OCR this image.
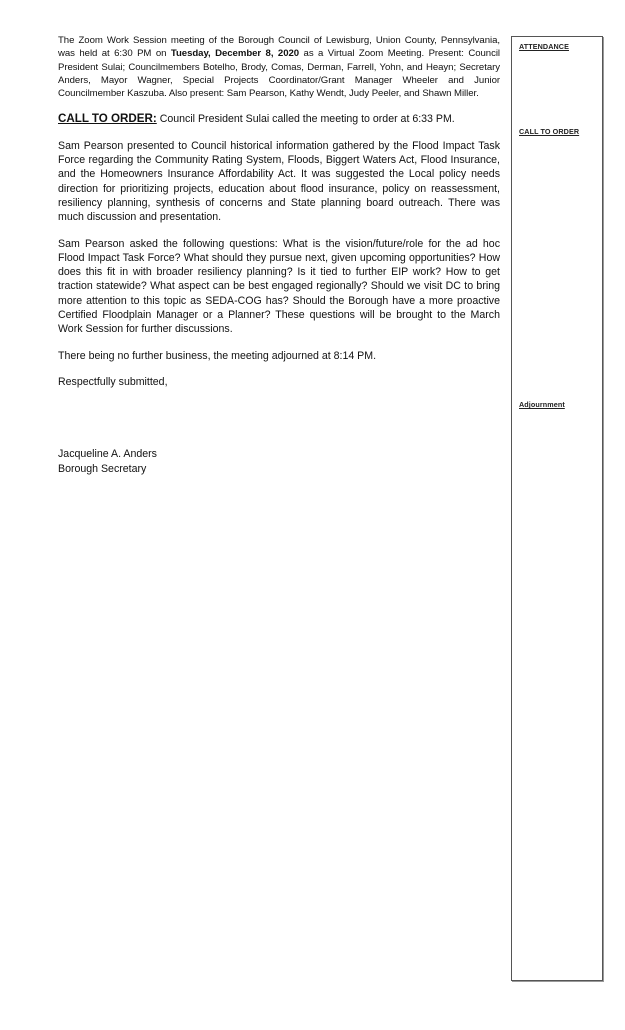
The Zoom Work Session meeting of the Borough Council of Lewisburg, Union County, Pennsylvania, was held at 6:30 PM on Tuesday, December 8, 2020 as a Virtual Zoom Meeting. Present: Council President Sulai; Councilmembers Botelho, Brody, Comas, Derman, Farrell, Yohn, and Heayn; Secretary Anders, Mayor Wagner, Special Projects Coordinator/Grant Manager Wheeler and Junior Councilmember Kaszuba. Also present: Sam Pearson, Kathy Wendt, Judy Peeler, and Shawn Miller.

CALL TO ORDER: Council President Sulai called the meeting to order at 6:33 PM.

Sam Pearson presented to Council historical information gathered by the Flood Impact Task Force regarding the Community Rating System, Floods, Biggert Waters Act, Flood Insurance, and the Homeowners Insurance Affordability Act. It was suggested the Local policy needs direction for prioritizing projects, education about flood insurance, policy on reassessment, resiliency planning, synthesis of concerns and State planning board outreach. There was much discussion and presentation.

Sam Pearson asked the following questions: What is the vision/future/role for the ad hoc Flood Impact Task Force? What should they pursue next, given upcoming opportunities? How does this fit in with broader resiliency planning? Is it tied to further EIP work? How to get traction statewide? What aspect can be best engaged regionally? Should we visit DC to bring more attention to this topic as SEDA-COG has? Should the Borough have a more proactive Certified Floodplain Manager or a Planner? These questions will be brought to the March Work Session for further discussions.

There being no further business, the meeting adjourned at 8:14 PM.

Respectfully submitted,

Jacqueline A. Anders

Borough Secretary

ATTENDANCE
CALL TO ORDER
Adjournment
